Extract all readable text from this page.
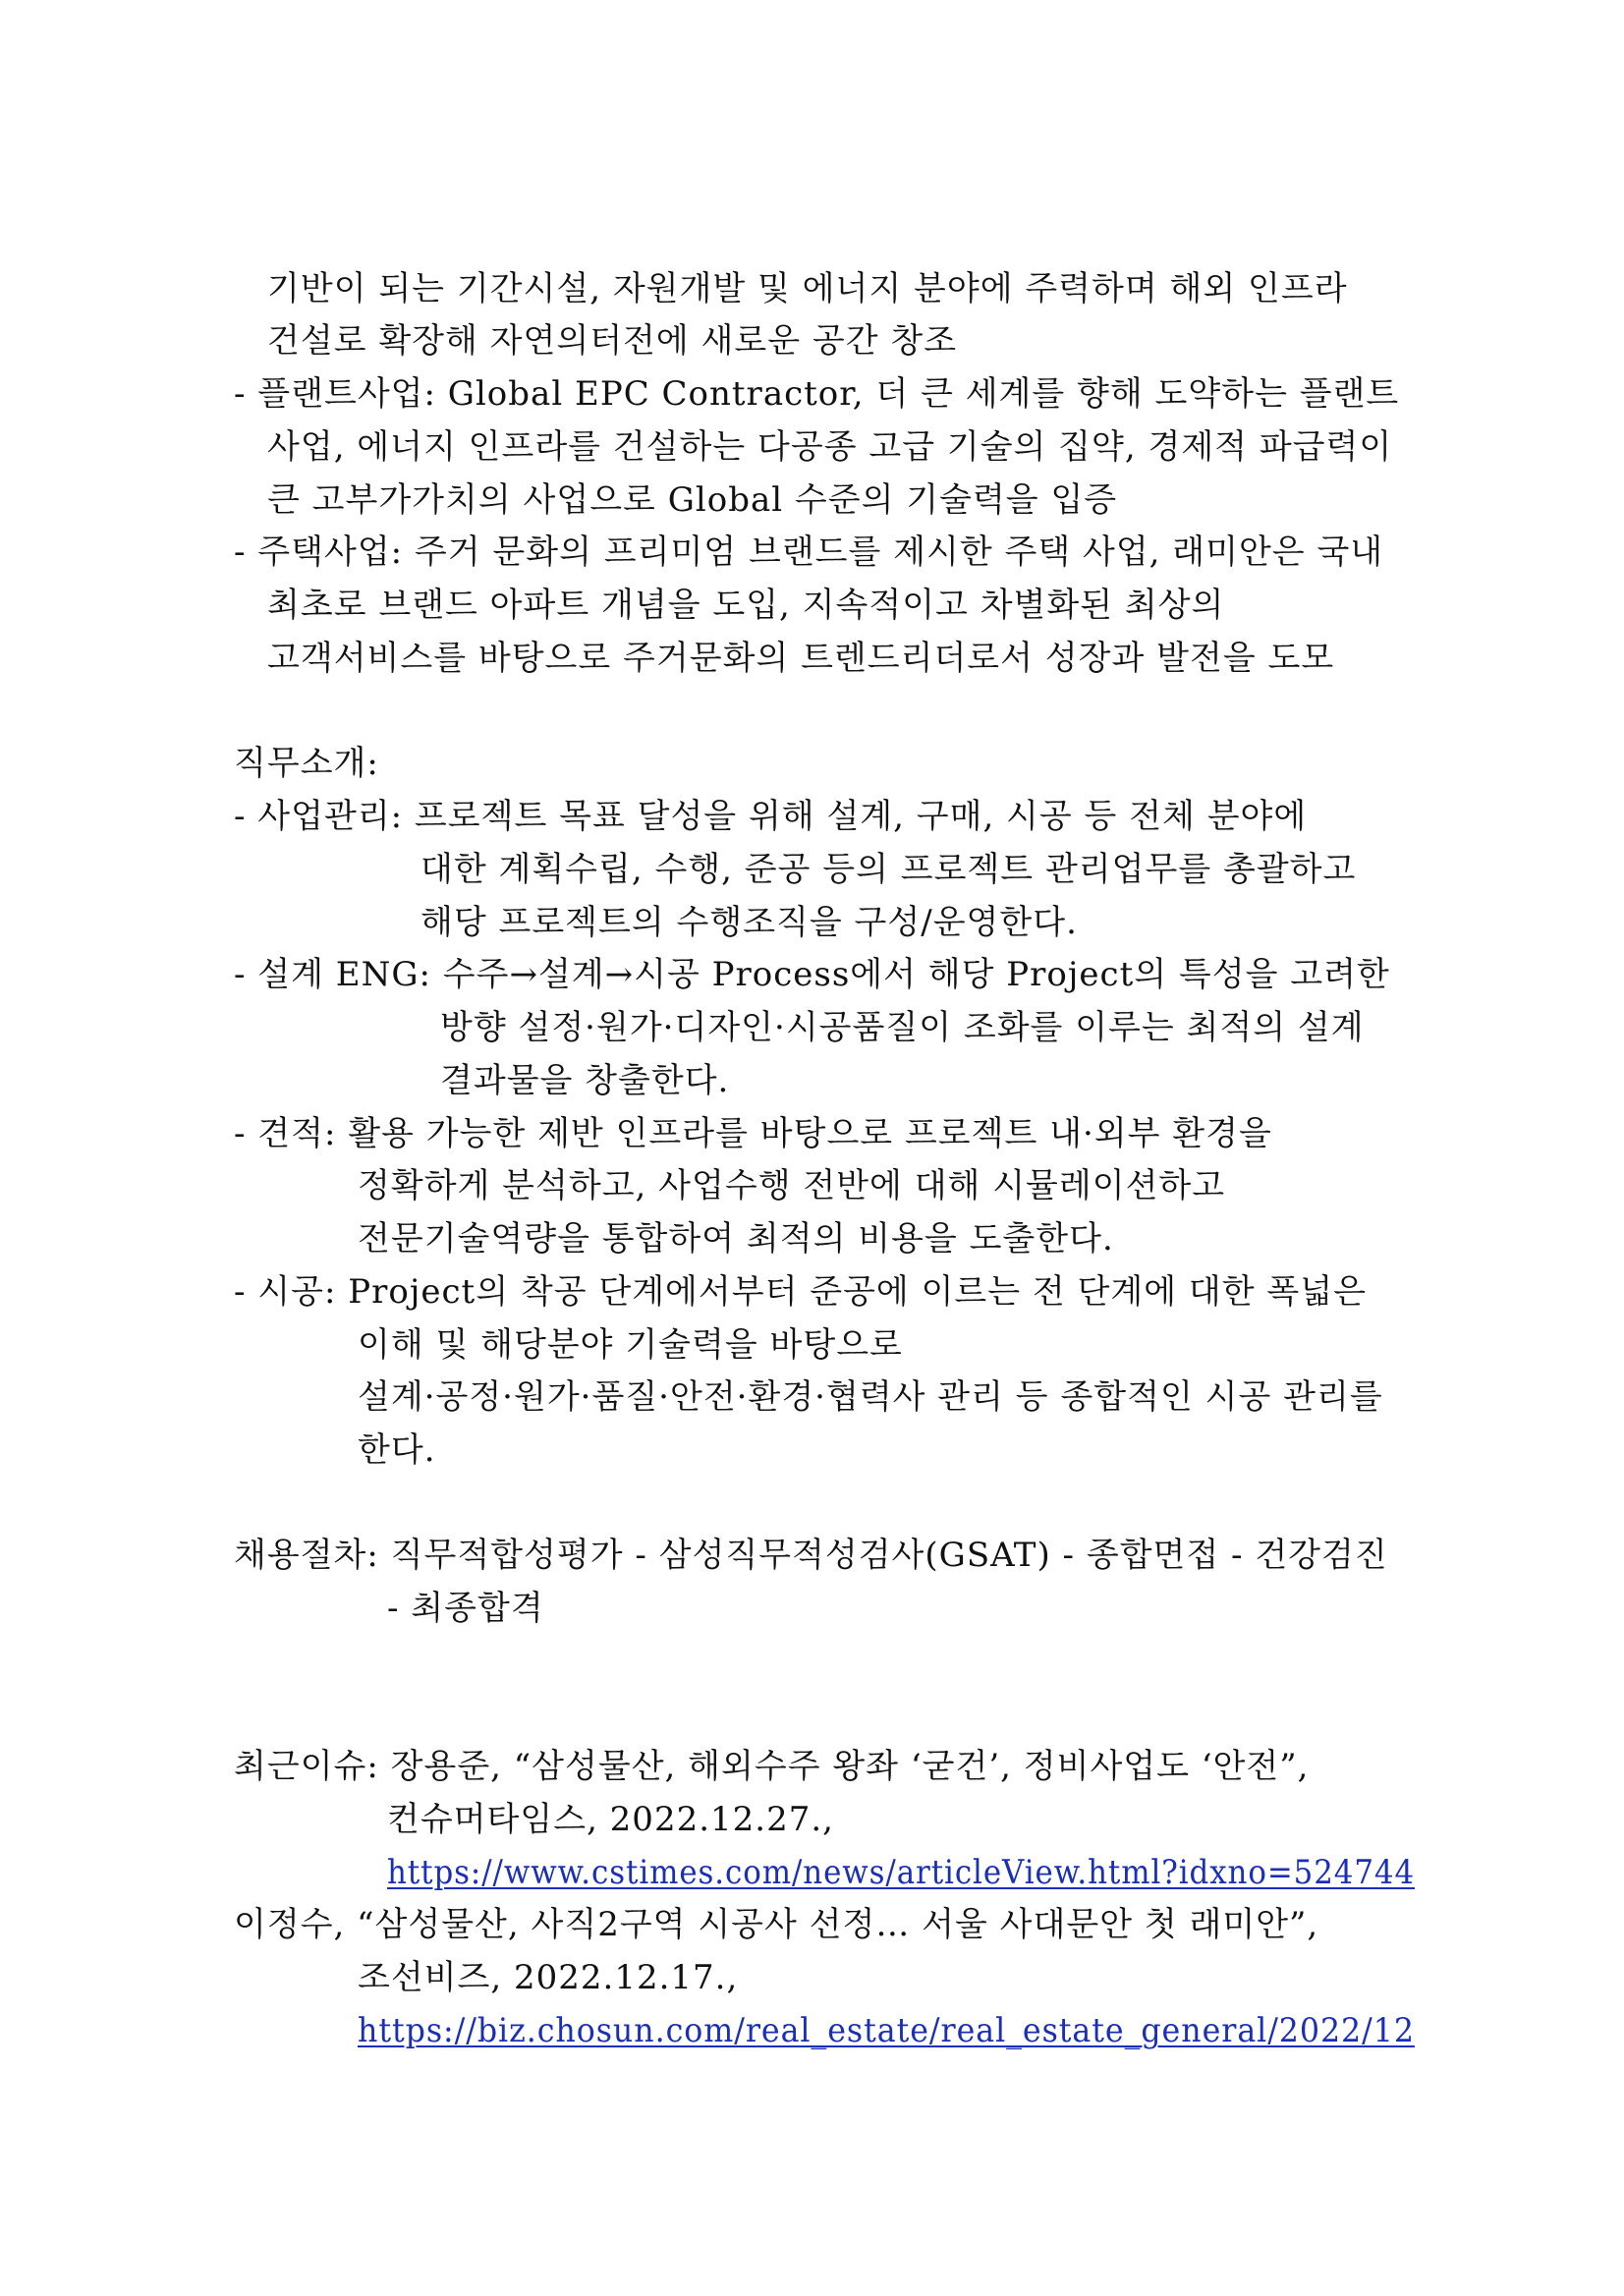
기반이 되는 기간시설, 자원개발 및 에너지 분야에 주력하며 해외 인프라
건설로 확장해 자연의터전에 새로운 공간 창조
- 플랜트사업: Global EPC Contractor, 더 큰 세계를 향해 도약하는 플랜트
사업, 에너지 인프라를 건설하는 다공종 고급 기술의 집약, 경제적 파급력이
큰 고부가가치의 사업으로 Global 수준의 기술력을 입증
- 주택사업: 주거 문화의 프리미엄 브랜드를 제시한 주택 사업, 래미안은 국내
최초로 브랜드 아파트 개념을 도입, 지속적이고 차별화된 최상의
고객서비스를 바탕으로 주거문화의 트렌드리더로서 성장과 발전을 도모
직무소개:
- 사업관리: 프로젝트 목표 달성을 위해 설계, 구매, 시공 등 전체 분야에
대한 계획수립, 수행, 준공 등의 프로젝트 관리업무를 총괄하고
해당 프로젝트의 수행조직을 구성/운영한다.
- 설계 ENG: 수주→설계→시공 Process에서 해당 Project의 특성을 고려한
방향 설정·원가·디자인·시공품질이 조화를 이루는 최적의 설계
결과물을 창출한다.
- 견적: 활용 가능한 제반 인프라를 바탕으로 프로젝트 내·외부 환경을
정확하게 분석하고, 사업수행 전반에 대해 시뮬레이션하고
전문기술역량을 통합하여 최적의 비용을 도출한다.
- 시공: Project의 착공 단계에서부터 준공에 이르는 전 단계에 대한 폭넓은
이해 및 해당분야 기술력을 바탕으로
설계·공정·원가·품질·안전·환경·협력사 관리 등 종합적인 시공 관리를
한다.
채용절차: 직무적합성평가 - 삼성직무적성검사(GSAT) - 종합면접 - 건강검진
- 최종합격
최근이슈: 장용준, “삼성물산, 해외수주 왕좌 ‘굳건’, 정비사업도 ‘안전”,
컨슈머타임스, 2022.12.27.,
https://www.cstimes.com/news/articleView.html?idxno=524744
이정수, “삼성물산, 사직2구역 시공사 선정… 서울 사대문안 첫 래미안”,
조선비즈, 2022.12.17.,
https://biz.chosun.com/real_estate/real_estate_general/2022/12
